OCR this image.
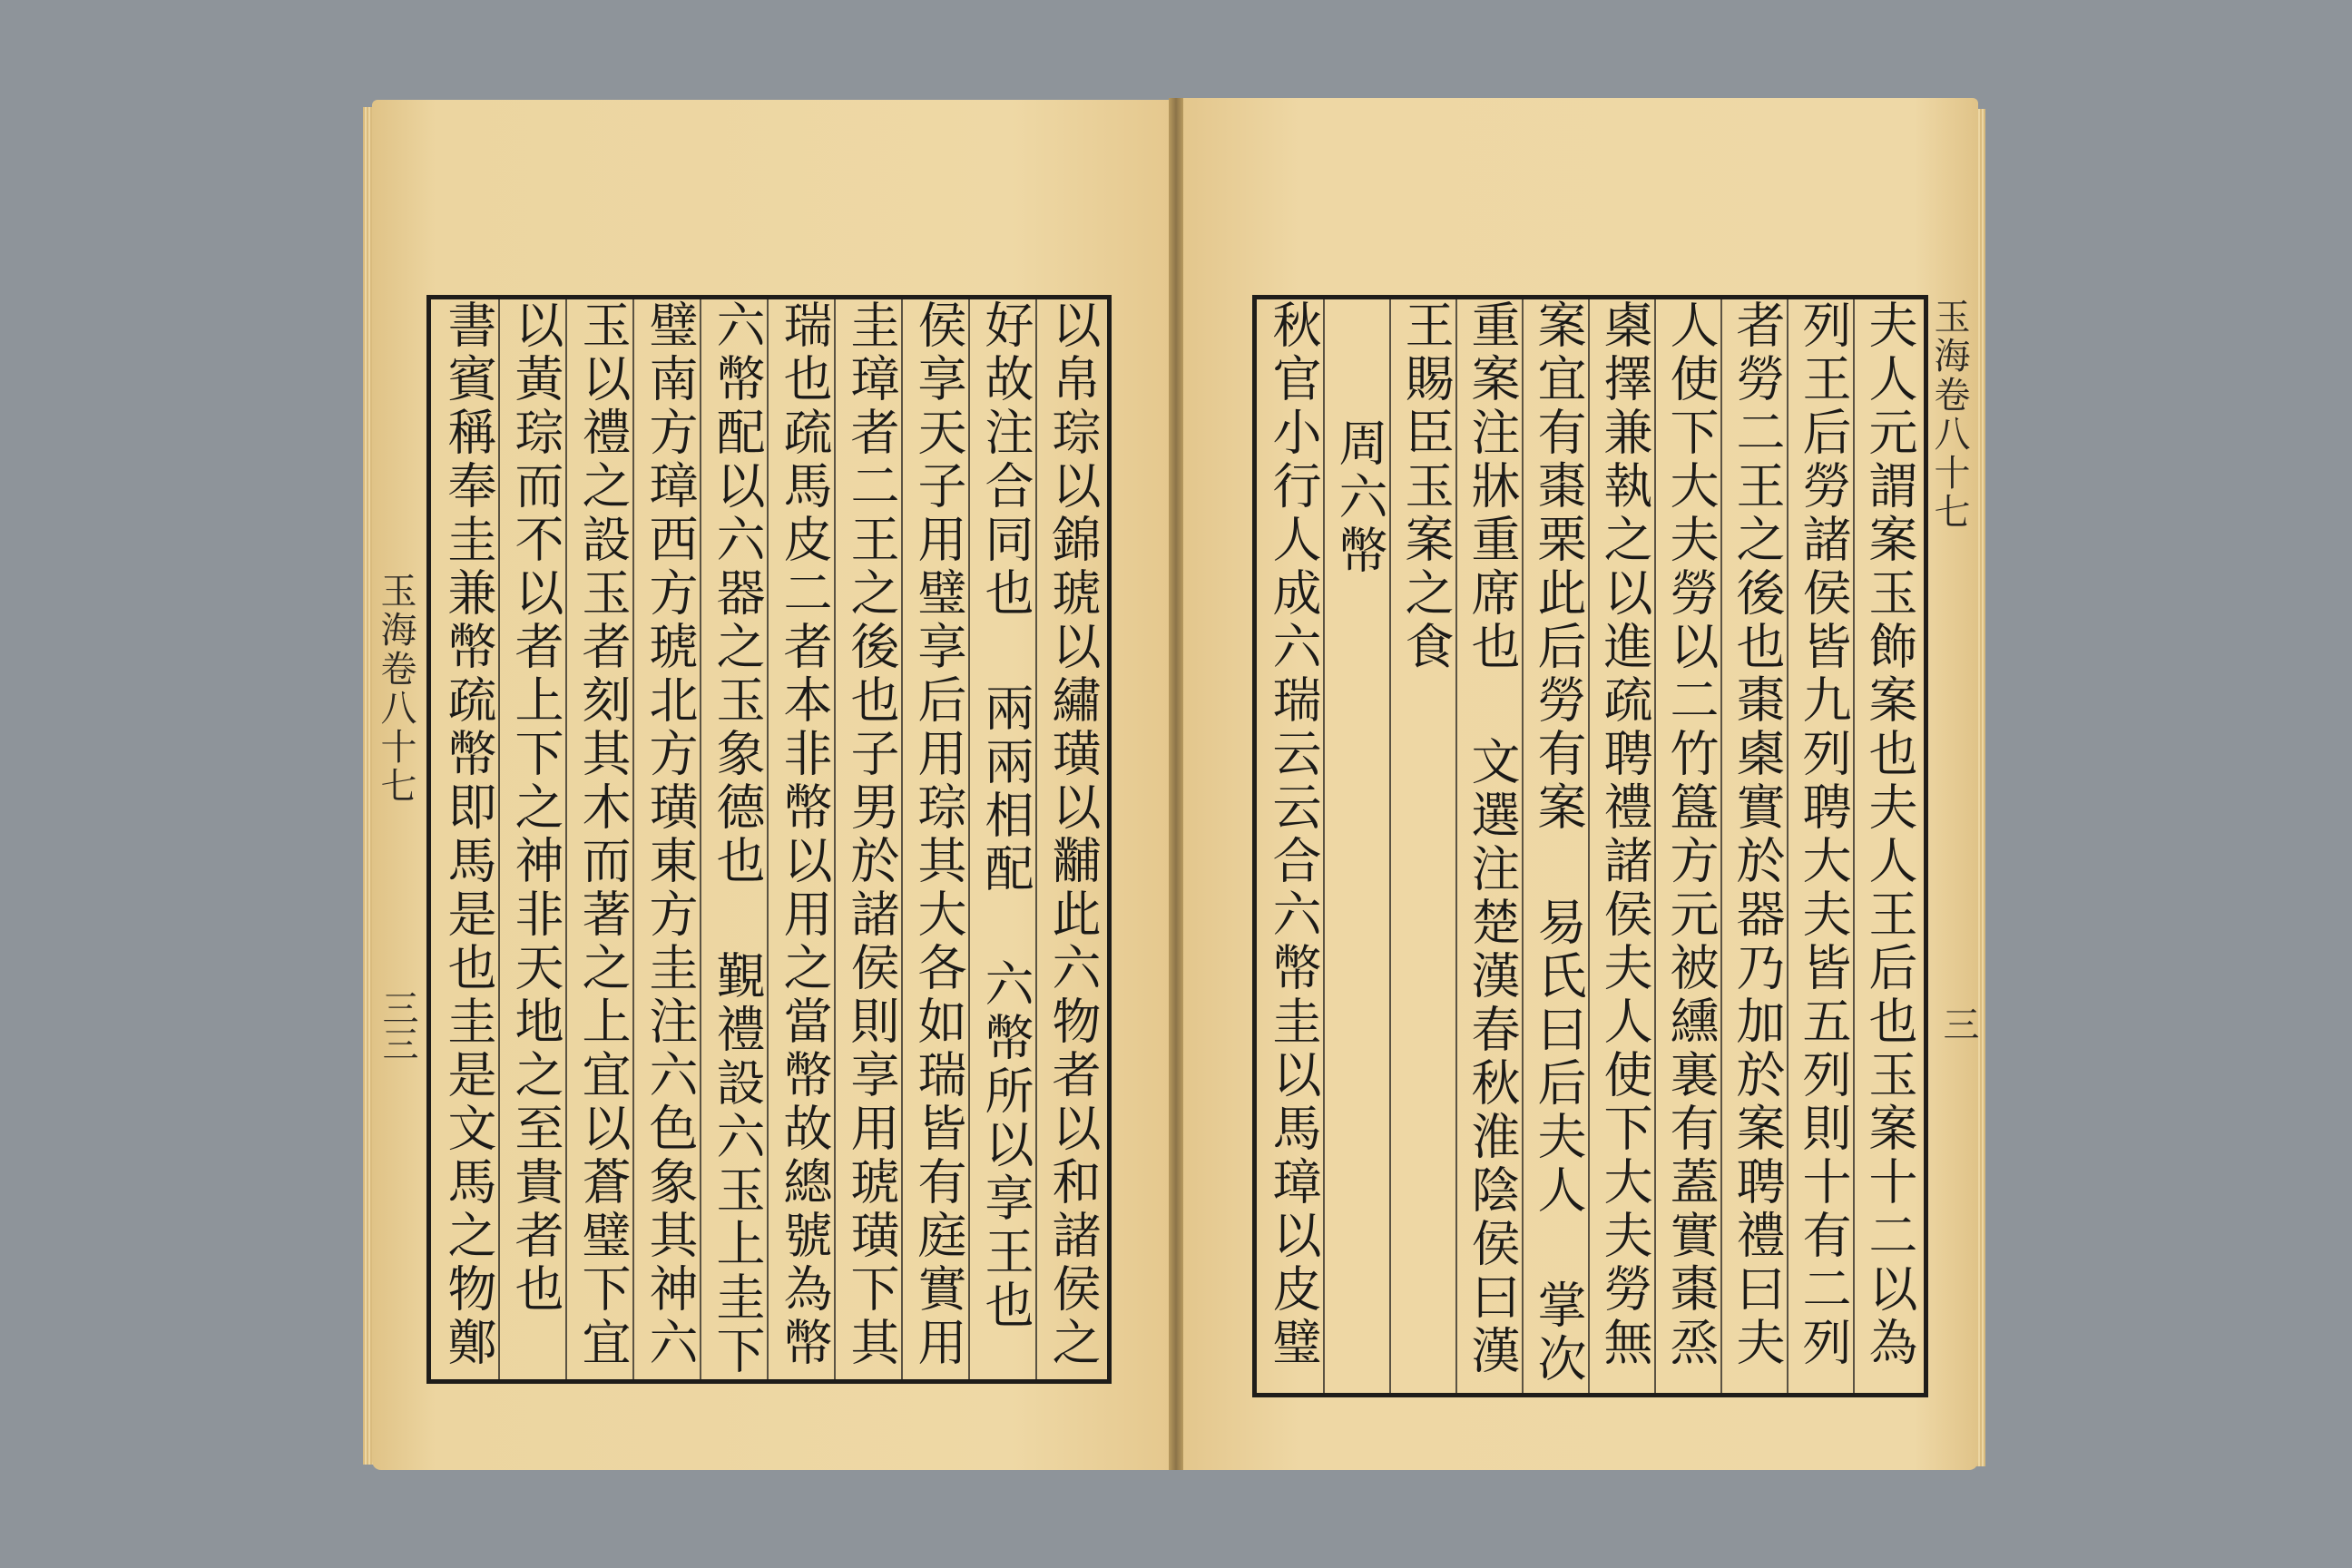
玉海卷八十七
三三
玉海卷八十七
三
以帛琮以錦琥以繡璜以黼此六物者以和諸侯之
好故注合同也 兩兩相配 六幣所以享王也
侯享天子用璧享后用琮其大各如瑞皆有庭實用
圭璋者二王之後也子男於諸侯則享用琥璜下其
瑞也疏馬皮二者本非幣以用之當幣故總號為幣
六幣配以六器之玉象德也 覲禮設六玉上圭下
璧南方璋西方琥北方璜東方圭注六色象其神六
玉以禮之設玉者刻其木而著之上宜以蒼璧下宜
以黃琮而不以者上下之神非天地之至貴者也
書賓稱奉圭兼幣疏幣即馬是也圭是文馬之物鄭	夫人元謂案玉飾案也夫人王后也玉案十二以為
列王后勞諸侯皆九列聘大夫皆五列則十有二列
者勞二王之後也棗㮚實於器乃加於案聘禮曰夫
人使下大夫勞以二竹簋方元被纁裏有蓋實棗烝
㮚擇兼執之以進疏聘禮諸侯夫人使下大夫勞無
案宜有棗栗此后勞有案 易氏曰后夫人 掌次
重案注牀重席也 文選注楚漢春秋淮陰侯曰漢
王賜臣玉案之食
周六幣
秋官小行人成六瑞云云合六幣圭以馬璋以皮璧
